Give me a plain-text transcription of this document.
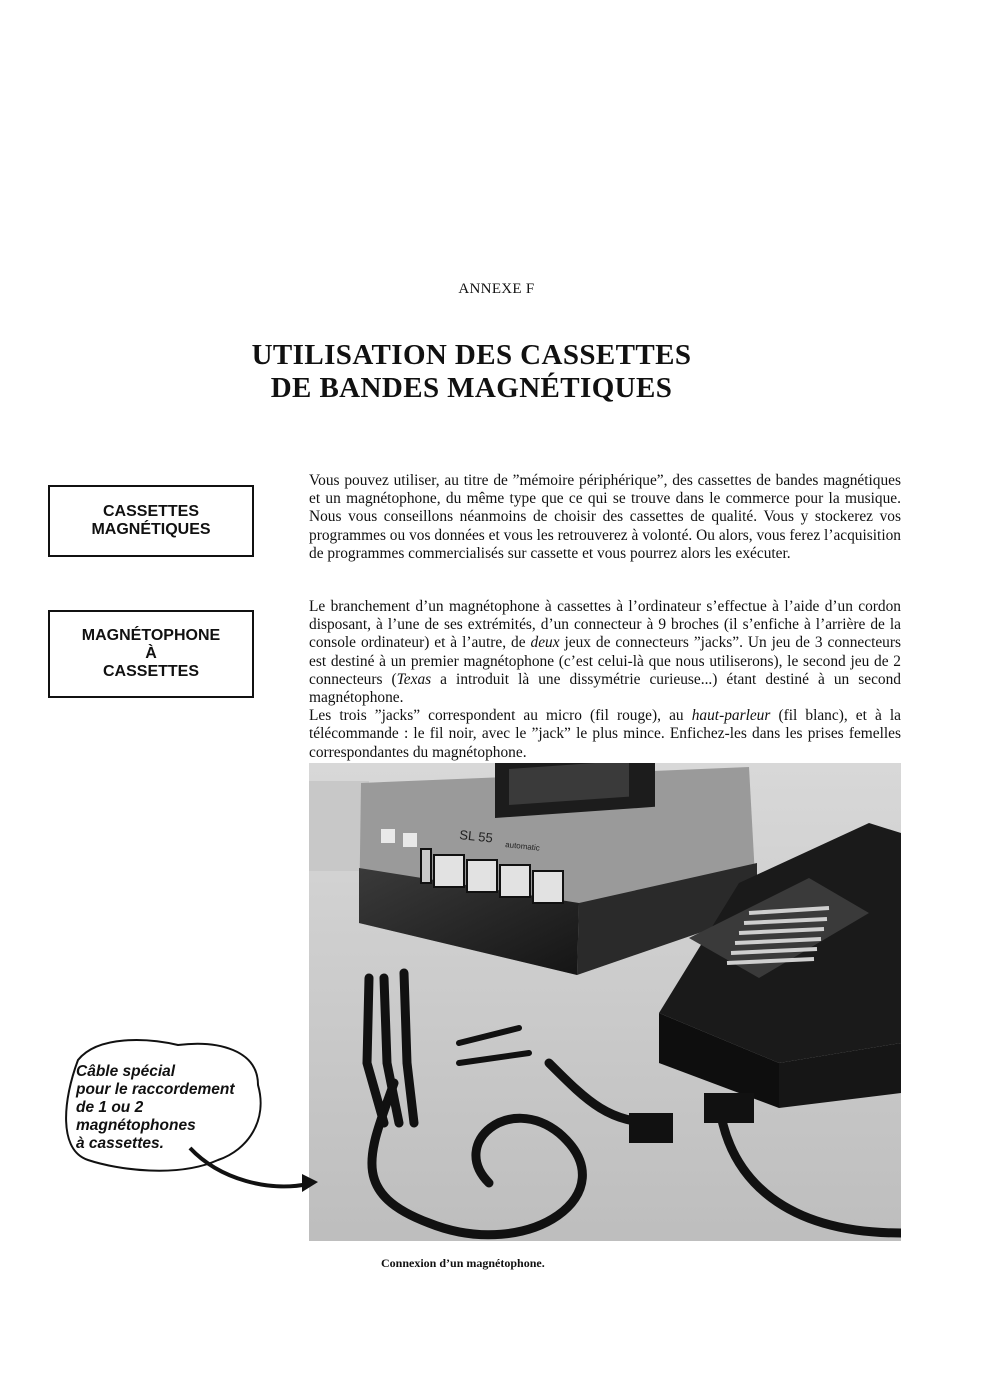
ANNEXE F
UTILISATION DES CASSETTES
DE BANDES MAGNÉTIQUES
CASSETTES
MAGNÉTIQUES
MAGNÉTOPHONE
À
CASSETTES

Vous pouvez utiliser, au titre de ”mémoire périphérique”, des cassettes de bandes magnétiques et un magnétophone, du même type que ce qui se trouve dans le commerce pour la musique. Nous vous conseillons néanmoins de choisir des cassettes de qualité. Vous y stockerez vos programmes ou vos données et vous les retrouverez à volonté. Ou alors, vous ferez l’acquisition de programmes commercialisés sur cassette et vous pourrez alors les exécuter.

Le branchement d’un magnétophone à cassettes à l’ordinateur s’effectue à l’aide d’un cordon disposant, à l’une de ses extrémités, d’un connecteur à 9 broches (il s’enfiche à l’arrière de la console ordinateur) et à l’autre, de deux jeux de connecteurs ”jacks”. Un jeu de 3 connecteurs est destiné à un premier magnétophone (c’est celui-là que nous utiliserons), le second jeu de 2 connecteurs (Texas a introduit là une dissymétrie curieuse...) étant destiné à un second magnétophone.

Les trois ”jacks” correspondent au micro (fil rouge), au haut-parleur (fil blanc), et à la télécommande : le fil noir, avec le ”jack” le plus mince. Enfichez-les dans les prises femelles correspondantes du magnétophone.

SL 55
automatic
Connexion d’un magnétophone.
Câble spécial
pour le raccordement
de 1 ou 2
magnétophones
à cassettes.
